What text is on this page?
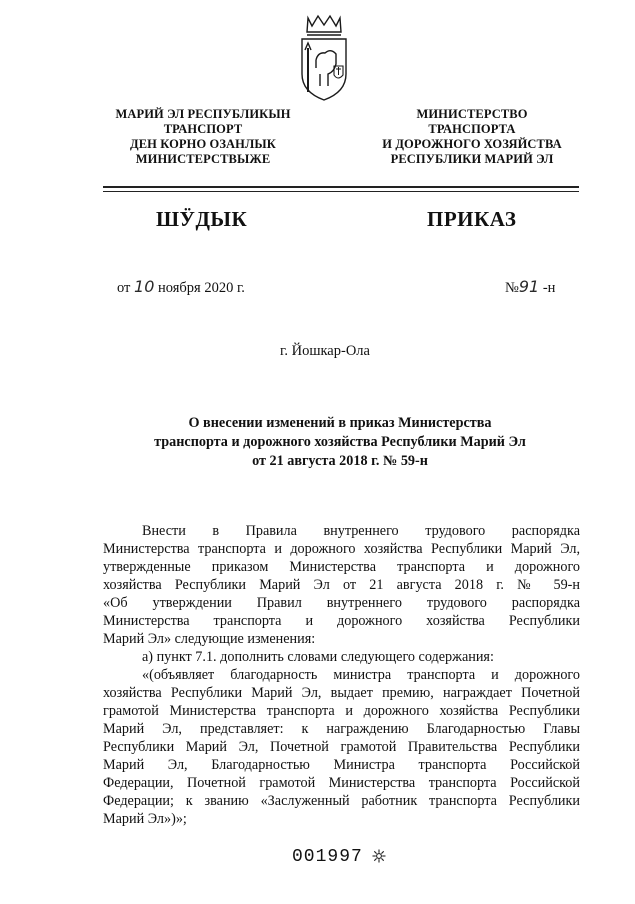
МАРИЙ ЭЛ РЕСПУБЛИКЫН
ТРАНСПОРТ
ДЕН КОРНО ОЗАНЛЫК
МИНИСТЕРСТВЫЖЕ
МИНИСТЕРСТВО
ТРАНСПОРТА
И ДОРОЖНОГО ХОЗЯЙСТВА
РЕСПУБЛИКИ МАРИЙ ЭЛ
ШӰДЫК	ПРИКАЗ
от 10 ноября 2020 г.	№91 -н
г. Йошкар-Ола
О внесении изменений в приказ Министерства
транспорта и дорожного хозяйства Республики Марий Эл
от 21 августа 2018 г. № 59-н
Внести в Правила внутреннего трудового распорядка
Министерства транспорта и дорожного хозяйства Республики Марий Эл,
утвержденные приказом Министерства транспорта и дорожного
хозяйства Республики Марий Эл от 21 августа 2018 г. № 59-н
«Об утверждении Правил внутреннего трудового распорядка
Министерства транспорта и дорожного хозяйства Республики
Марий Эл» следующие изменения:
а) пункт 7.1. дополнить словами следующего содержания:
«(объявляет благодарность министра транспорта и дорожного
хозяйства Республики Марий Эл, выдает премию, награждает Почетной
грамотой Министерства транспорта и дорожного хозяйства Республики
Марий Эл, представляет: к награждению Благодарностью Главы
Республики Марий Эл, Почетной грамотой Правительства Республики
Марий Эл, Благодарностью Министра транспорта Российской
Федерации, Почетной грамотой Министерства транспорта Российской
Федерации; к званию «Заслуженный работник транспорта Республики
Марий Эл»)»;
001997
